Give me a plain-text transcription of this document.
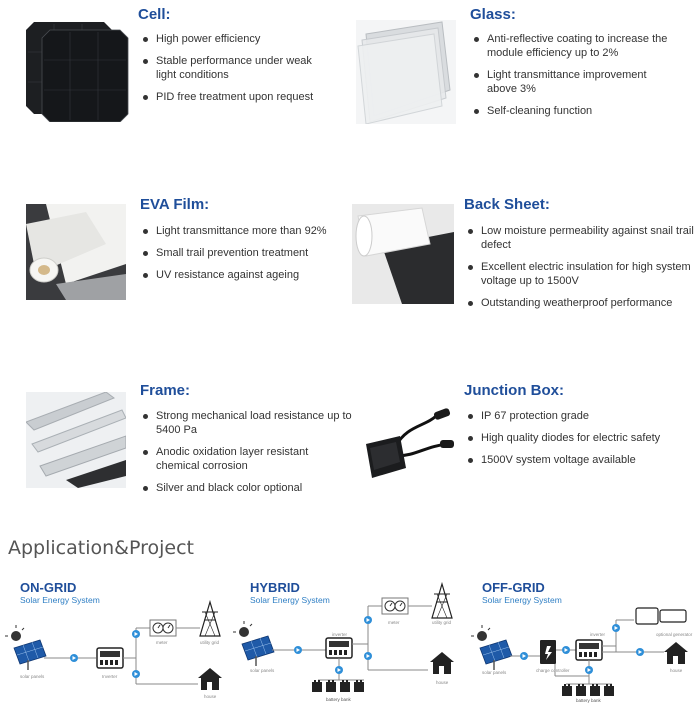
Cell:
High power efficiency
Stable performance under weak light conditions
PID free treatment upon request
Glass:
Anti-reflective coating to increase the module efficiency up to 2%
Light transmittance improvement above 3%
Self-cleaning function
EVA Film:
Light transmittance more than 92%
Small trail prevention treatment
UV resistance against ageing
Back Sheet:
Low moisture permeability against snail trail defect
Excellent electric insulation for high system voltage up to 1500V
Outstanding weatherproof performance
Frame:
Strong mechanical load resistance up to 5400 Pa
Anodic oxidation layer resistant chemical corrosion
Silver and black color optional
Junction Box:
IP 67 protection grade
High quality diodes for electric safety
1500V system voltage available
Application&Project
ON-GRID
Solar Energy System
HYBRID
Solar Energy System
OFF-GRID
Solar Energy System
solar panels	Inverter
meter	utility grid
house
solar panels
inverter
meter	utility grid
house
battery bank
solar panels	charge controller
inverter	optional generator
house
battery bank
